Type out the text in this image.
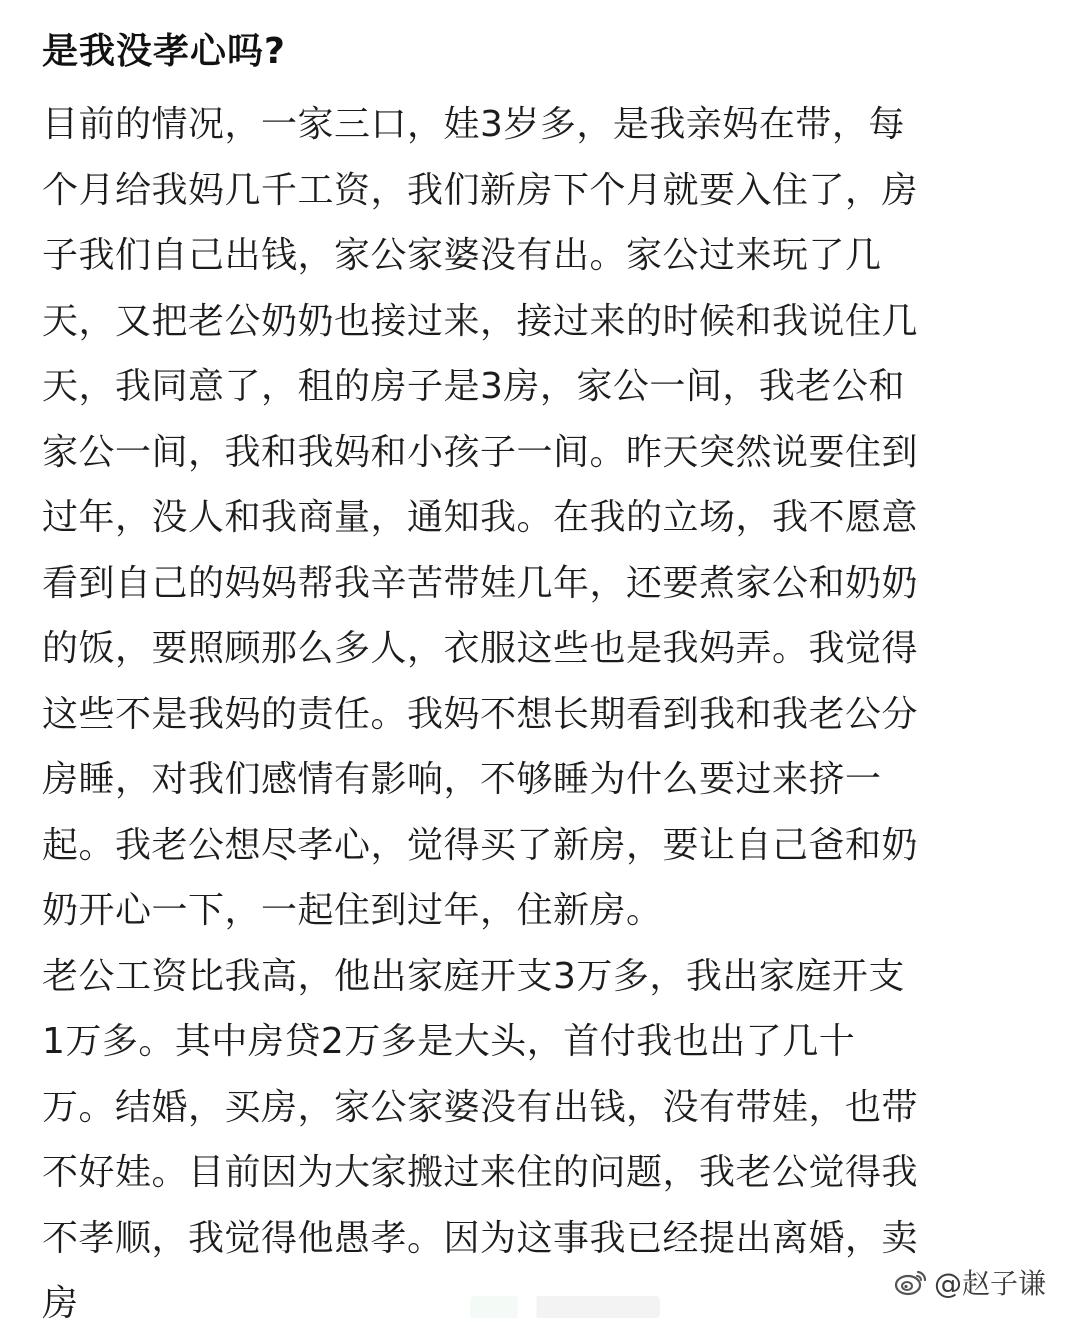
是我没孝心吗?
目前的情况，一家三口，娃3岁多，是我亲妈在带，每
个月给我妈几千工资，我们新房下个月就要入住了，房
子我们自己出钱，家公家婆没有出。家公过来玩了几
天，又把老公奶奶也接过来，接过来的时候和我说住几
天，我同意了，租的房子是3房，家公一间，我老公和
家公一间，我和我妈和小孩子一间。昨天突然说要住到
过年，没人和我商量，通知我。在我的立场，我不愿意
看到自己的妈妈帮我辛苦带娃几年，还要煮家公和奶奶
的饭，要照顾那么多人，衣服这些也是我妈弄。我觉得
这些不是我妈的责任。我妈不想长期看到我和我老公分
房睡，对我们感情有影响，不够睡为什么要过来挤一
起。我老公想尽孝心，觉得买了新房，要让自己爸和奶
奶开心一下，一起住到过年，住新房。
老公工资比我高，他出家庭开支3万多，我出家庭开支
1万多。其中房贷2万多是大头，首付我也出了几十
万。结婚，买房，家公家婆没有出钱，没有带娃，也带
不好娃。目前因为大家搬过来住的问题，我老公觉得我
不孝顺，我觉得他愚孝。因为这事我已经提出离婚，卖
房	@赵子谦
